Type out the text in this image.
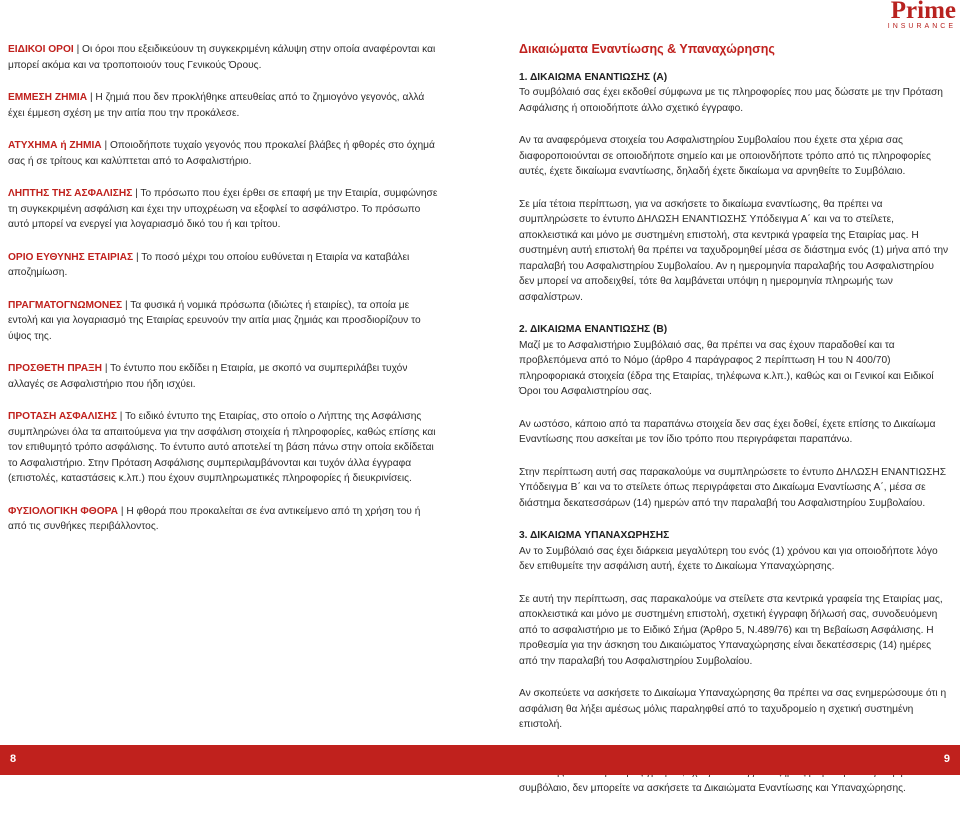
Prime
INSURANCE

ΕΙΔΙΚΟΙ ΟΡΟΙ | Οι όροι που εξειδικεύουν τη συγκεκριμένη κάλυψη στην οποία αναφέρονται και μπορεί ακόμα και να τροποποιούν τους Γενικούς Όρους.

ΕΜΜΕΣΗ ΖΗΜΙΑ | Η ζημιά που δεν προκλήθηκε απευθείας από το ζημιογόνο γεγονός, αλλά έχει έμμεση σχέση με την αιτία που την προκάλεσε.

ΑΤΥΧΗΜΑ ή ΖΗΜΙΑ | Οποιοδήποτε τυχαίο γεγονός που προκαλεί βλάβες ή φθορές στο όχημά σας ή σε τρίτους και καλύπτεται από το Ασφαλιστήριο.

ΛΗΠΤΗΣ ΤΗΣ ΑΣΦΑΛΙΣΗΣ | Το πρόσωπο που έχει έρθει σε επαφή με την Εταιρία, συμφώνησε τη συγκεκριμένη ασφάλιση και έχει την υποχρέωση να εξοφλεί το ασφάλιστρο. Το πρόσωπο αυτό μπορεί να ενεργεί για λογαριασμό δικό του ή και τρίτου.

ΟΡΙΟ ΕΥΘΥΝΗΣ ΕΤΑΙΡΙΑΣ | Το ποσό μέχρι του οποίου ευθύνεται η Εταιρία να καταβάλει αποζημίωση.

ΠΡΑΓΜΑΤΟΓΝΩΜΟΝΕΣ | Τα φυσικά ή νομικά πρόσωπα (ιδιώτες ή εταιρίες), τα οποία με εντολή και για λογαριασμό της Εταιρίας ερευνούν την αιτία μιας ζημιάς και προσδιορίζουν το ύψος της.

ΠΡΟΣΘΕΤΗ ΠΡΑΞΗ | Το έντυπο που εκδίδει η Εταιρία, με σκοπό να συμπεριλάβει τυχόν αλλαγές σε Ασφαλιστήριο που ήδη ισχύει.

ΠΡΟΤΑΣΗ ΑΣΦΑΛΙΣΗΣ | Το ειδικό έντυπο της Εταιρίας, στο οποίο ο Λήπτης της Ασφάλισης συμπληρώνει όλα τα απαιτούμενα για την ασφάλιση στοιχεία ή πληροφορίες, καθώς επίσης και τον επιθυμητό τρόπο ασφάλισης. Το έντυπο αυτό αποτελεί τη βάση πάνω στην οποία εκδίδεται το Ασφαλιστήριο. Στην Πρόταση Ασφάλισης συμπεριλαμβάνονται και τυχόν άλλα έγγραφα (επιστολές, καταστάσεις κ.λπ.) που έχουν συμπληρωματικές πληροφορίες ή διευκρινίσεις.

ΦΥΣΙΟΛΟΓΙΚΗ ΦΘΟΡΑ | Η φθορά που προκαλείται σε ένα αντικείμενο από τη χρήση του ή από τις συνθήκες περιβάλλοντος.

Δικαιώματα Εναντίωσης & Υπαναχώρησης
1. ΔΙΚΑΙΩΜΑ ΕΝΑΝΤΙΩΣΗΣ (Α)

Το συμβόλαιό σας έχει εκδοθεί σύμφωνα με τις πληροφορίες που μας δώσατε με την Πρόταση Ασφάλισης ή οποιοδήποτε άλλο σχετικό έγγραφο.

Αν τα αναφερόμενα στοιχεία του Ασφαλιστηρίου Συμβολαίου που έχετε στα χέρια σας διαφοροποιούνται σε οποιοδήποτε σημείο και με οποιονδήποτε τρόπο από τις πληροφορίες αυτές, έχετε δικαίωμα εναντίωσης, δηλαδή έχετε δικαίωμα να αρνηθείτε το Συμβόλαιο.

Σε μία τέτοια περίπτωση, για να ασκήσετε το δικαίωμα εναντίωσης, θα πρέπει να συμπληρώσετε το έντυπο ΔΗΛΩΣΗ ΕΝΑΝΤΙΩΣΗΣ Υπόδειγμα Α΄ και να το στείλετε, αποκλειστικά και μόνο με συστημένη επιστολή, στα κεντρικά γραφεία της Εταιρίας μας. Η συστημένη αυτή επιστολή θα πρέπει να ταχυδρομηθεί μέσα σε διάστημα ενός (1) μήνα από την παραλαβή του Ασφαλιστηρίου Συμβολαίου. Αν η ημερομηνία παραλαβής του Ασφαλιστηρίου δεν μπορεί να αποδειχθεί, τότε θα λαμβάνεται υπόψη η ημερομηνία πληρωμής των ασφαλίστρων.

2. ΔΙΚΑΙΩΜΑ ΕΝΑΝΤΙΩΣΗΣ (Β)

Μαζί με το Ασφαλιστήριο Συμβόλαιό σας, θα πρέπει να σας έχουν παραδοθεί και τα προβλεπόμενα από το Νόμο (άρθρο 4 παράγραφος 2 περίπτωση Η του Ν 400/70) πληροφοριακά στοιχεία (έδρα της Εταιρίας, τηλέφωνα κ.λπ.), καθώς και οι Γενικοί και Ειδικοί Όροι του Ασφαλιστηρίου σας.

Αν ωστόσο, κάποιο από τα παραπάνω στοιχεία δεν σας έχει δοθεί, έχετε επίσης το Δικαίωμα Εναντίωσης που ασκείται με τον ίδιο τρόπο που περιγράφεται παραπάνω.

Στην περίπτωση αυτή σας παρακαλούμε να συμπληρώσετε το έντυπο ΔΗΛΩΣΗ ΕΝΑΝΤΙΩΣΗΣ Υπόδειγμα Β΄ και να το στείλετε όπως περιγράφεται στο Δικαίωμα Εναντίωσης Α΄, μέσα σε διάστημα δεκατεσσάρων (14) ημερών από την παραλαβή του Ασφαλιστηρίου Συμβολαίου.

3. ΔΙΚΑΙΩΜΑ ΥΠΑΝΑΧΩΡΗΣΗΣ

Αν το Συμβόλαιό σας έχει διάρκεια μεγαλύτερη του ενός (1) χρόνου και για οποιοδήποτε λόγο δεν επιθυμείτε την ασφάλιση αυτή, έχετε το Δικαίωμα Υπαναχώρησης.

Σε αυτή την περίπτωση, σας παρακαλούμε να στείλετε στα κεντρικά γραφεία της Εταιρίας μας, αποκλειστικά και μόνο με συστημένη επιστολή, σχετική έγγραφη δήλωσή σας, συνοδευόμενη από το ασφαλιστήριο με το Ειδικό Σήμα (Άρθρο 5, Ν.489/76) και τη Βεβαίωση Ασφάλισης. Η προθεσμία για την άσκηση του Δικαιώματος Υπαναχώρησης είναι δεκατέσσερις (14) ημέρες από την παραλαβή του Ασφαλιστηρίου Συμβολαίου.

Αν σκοπεύετε να ασκήσετε το Δικαίωμα Υπαναχώρησης θα πρέπει να σας ενημερώσουμε ότι η ασφάλιση θα λήξει αμέσως μόλις παραληφθεί από το ταχυδρομείο η σχετική συστημένη επιστολή.

συμβόλαιο, δεν μπορείτε να ασκήσετε τα Δικαιώματα Εναντίωσης και Υπαναχώρησης.

8	9
